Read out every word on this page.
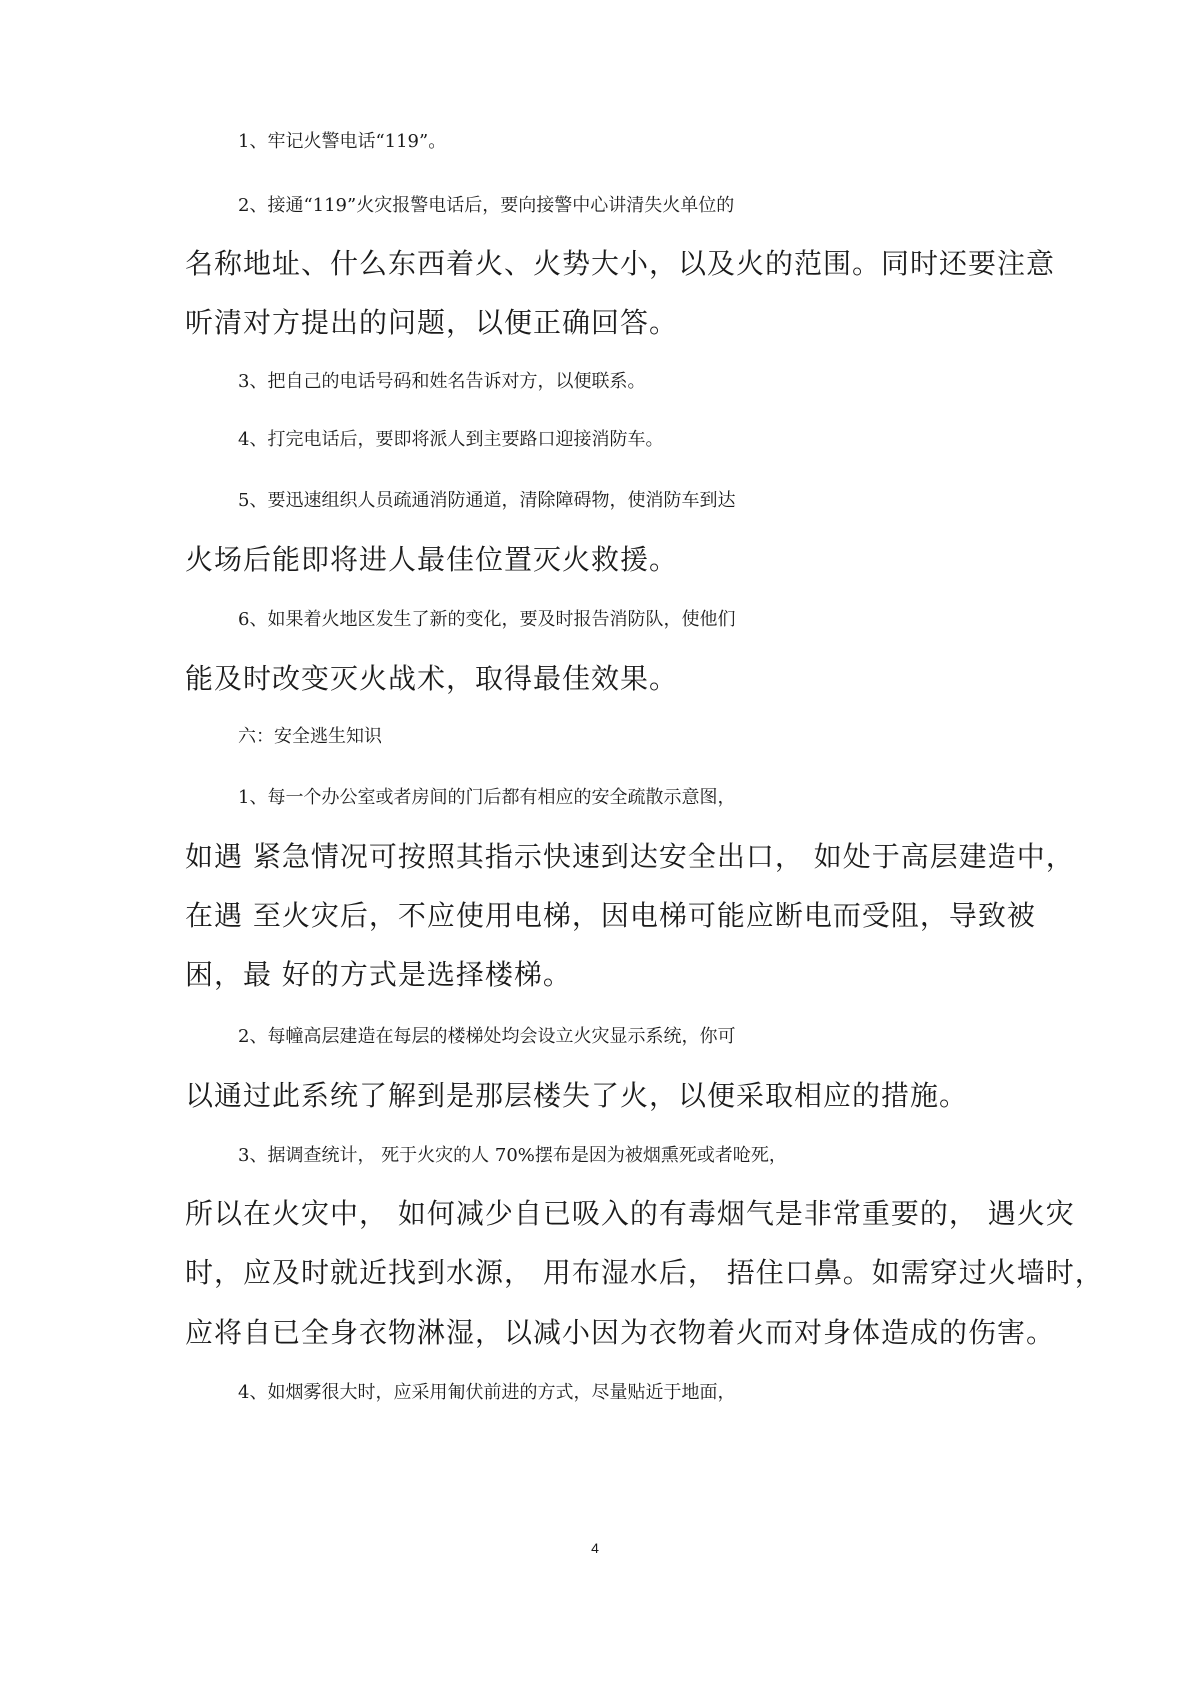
1、牢记火警电话“119”。
2、接通“119”火灾报警电话后，要向接警中心讲清失火单位的
名称地址、什么东西着火、火势大小，以及火的范围。同时还要注意
听清对方提出的问题，以便正确回答。
3、把自己的电话号码和姓名告诉对方，以便联系。
4、打完电话后，要即将派人到主要路口迎接消防车。
5、要迅速组织人员疏通消防通道，清除障碍物，使消防车到达
火场后能即将进人最佳位置灭火救援。
6、如果着火地区发生了新的变化，要及时报告消防队，使他们
能及时改变灭火战术，取得最佳效果。
六：安全逃生知识
1、每一个办公室或者房间的门后都有相应的安全疏散示意图，
如遇 紧急情况可按照其指示快速到达安全出口， 如处于高层建造中，
在遇 至火灾后，不应使用电梯，因电梯可能应断电而受阻，导致被
困，最 好的方式是选择楼梯。
2、每幢高层建造在每层的楼梯处均会设立火灾显示系统，你可
以通过此系统了解到是那层楼失了火，以便采取相应的措施。
3、据调查统计， 死于火灾的人 70%摆布是因为被烟熏死或者呛死，
所以在火灾中， 如何减少自已吸入的有毒烟气是非常重要的， 遇火灾
时，应及时就近找到水源， 用布湿水后， 捂住口鼻。如需穿过火墙时，
应将自已全身衣物淋湿，以减小因为衣物着火而对身体造成的伤害。
4、如烟雾很大时，应采用匍伏前进的方式，尽量贴近于地面，
4
